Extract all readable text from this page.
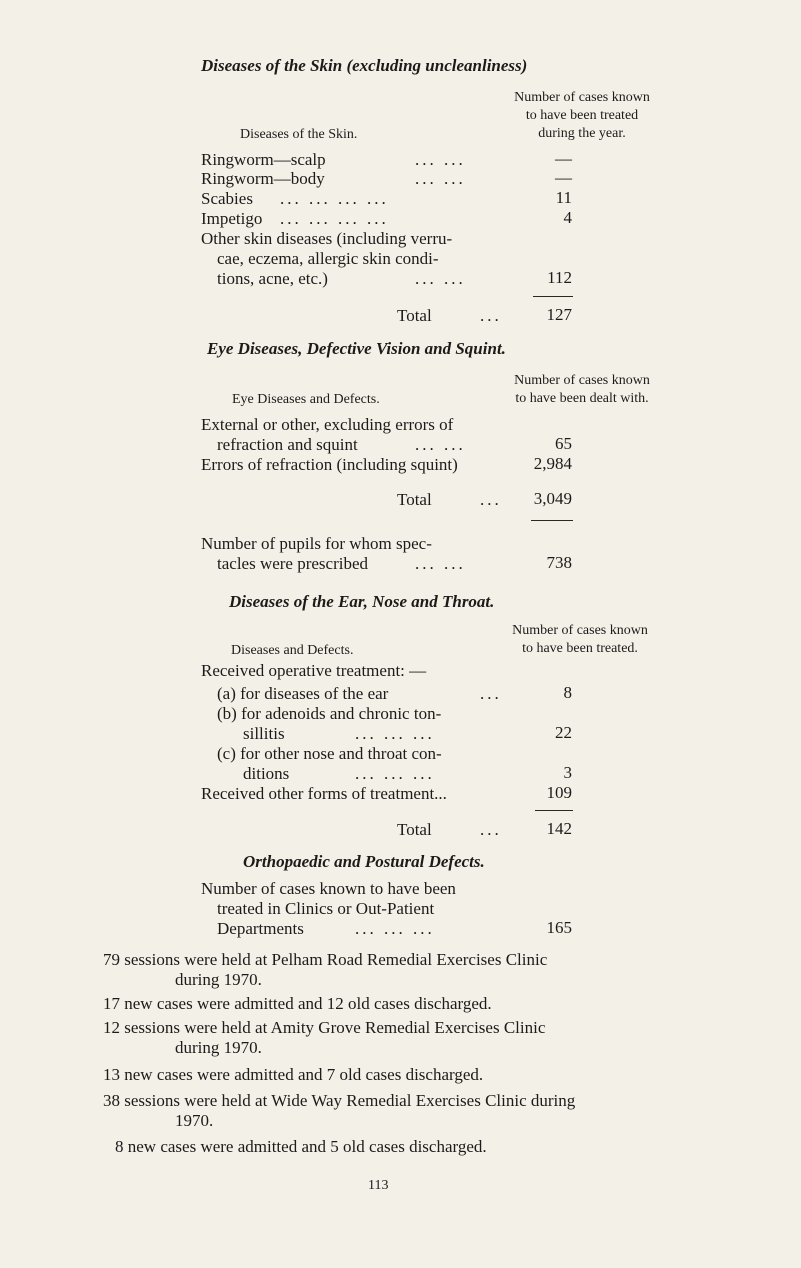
Diseases of the Skin (excluding uncleanliness)
Number of cases known
to have been treated
during the year.
Diseases of the Skin.
Ringworm—scalp	... ...	—
Ringworm—body	... ...	—
Scabies ... ... ... ...	11
Impetigo ... ... ... ...	4
Other skin diseases (including verru-
cae, eczema, allergic skin condi-
tions, acne, etc.)	... ...	112
Total	...	127
Eye Diseases, Defective Vision and Squint.
Number of cases known
to have been dealt with.
Eye Diseases and Defects.
External or other, excluding errors of
refraction and squint	... ...	65
Errors of refraction (including squint)	2,984
Total	...	3,049
Number of pupils for whom spec-
tacles were prescribed	... ...	738
Diseases of the Ear, Nose and Throat.
Number of cases known
to have been treated.
Diseases and Defects.
Received operative treatment: —
(a) for diseases of the ear	...	8
(b) for adenoids and chronic ton-
sillitis	... ... ...	22
(c) for other nose and throat con-
ditions	... ... ...	3
Received other forms of treatment...	109
Total	...	142
Orthopaedic and Postural Defects.
Number of cases known to have been
treated in Clinics or Out-Patient
Departments	... ... ...	165
79 sessions were held at Pelham Road Remedial Exercises Clinic
during 1970.
17 new cases were admitted and 12 old cases discharged.
12 sessions were held at Amity Grove Remedial Exercises Clinic
during 1970.
13 new cases were admitted and 7 old cases discharged.
38 sessions were held at Wide Way Remedial Exercises Clinic during
1970.
8 new cases were admitted and 5 old cases discharged.
113
